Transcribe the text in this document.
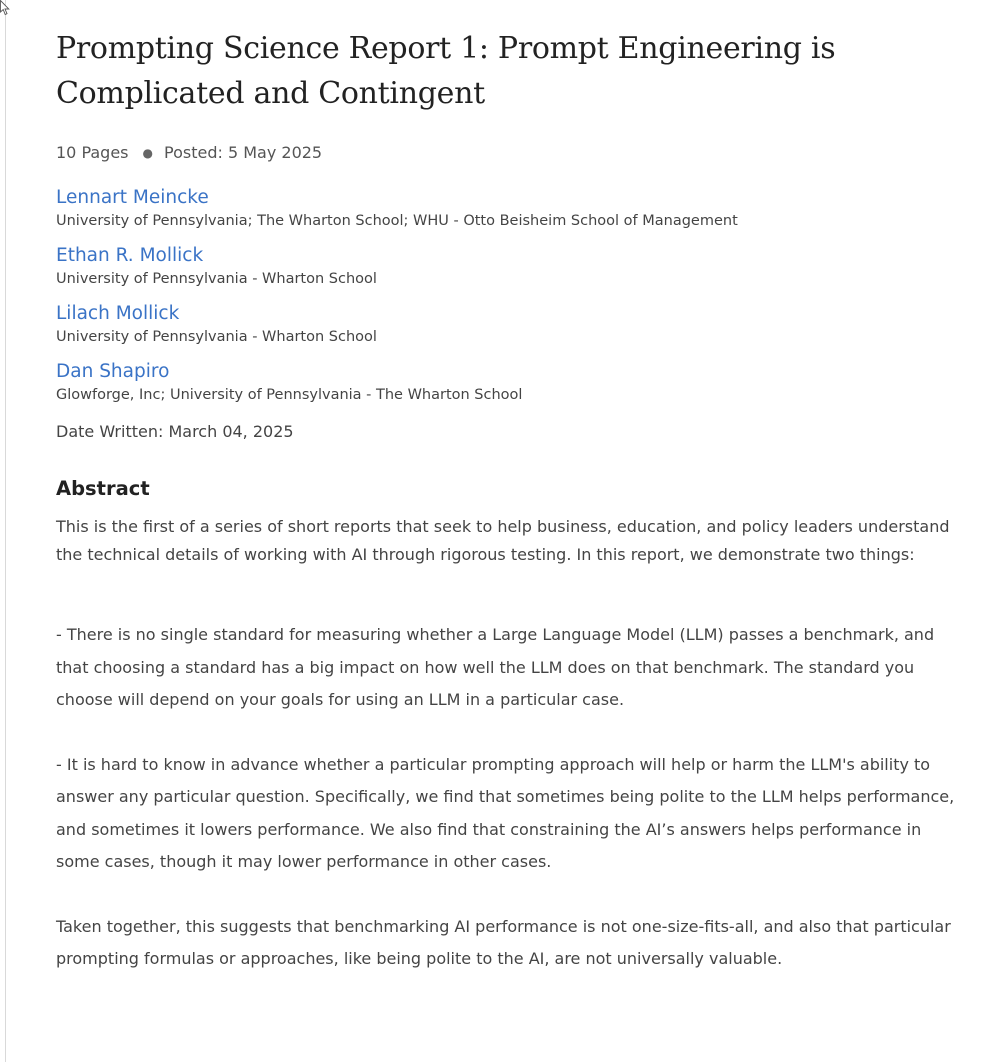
Prompting Science Report 1: Prompt Engineering is Complicated and Contingent
10 Pages ● Posted: 5 May 2025
Lennart Meincke
University of Pennsylvania; The Wharton School; WHU - Otto Beisheim School of Management
Ethan R. Mollick
University of Pennsylvania - Wharton School
Lilach Mollick
University of Pennsylvania - Wharton School
Dan Shapiro
Glowforge, Inc; University of Pennsylvania - The Wharton School
Date Written: March 04, 2025
Abstract
This is the first of a series of short reports that seek to help business, education, and policy leaders understand the technical details of working with AI through rigorous testing. In this report, we demonstrate two things:
- There is no single standard for measuring whether a Large Language Model (LLM) passes a benchmark, and that choosing a standard has a big impact on how well the LLM does on that benchmark. The standard you choose will depend on your goals for using an LLM in a particular case.
- It is hard to know in advance whether a particular prompting approach will help or harm the LLM's ability to answer any particular question. Specifically, we find that sometimes being polite to the LLM helps performance, and sometimes it lowers performance. We also find that constraining the AI’s answers helps performance in some cases, though it may lower performance in other cases.
Taken together, this suggests that benchmarking AI performance is not one-size-fits-all, and also that particular prompting formulas or approaches, like being polite to the AI, are not universally valuable.
